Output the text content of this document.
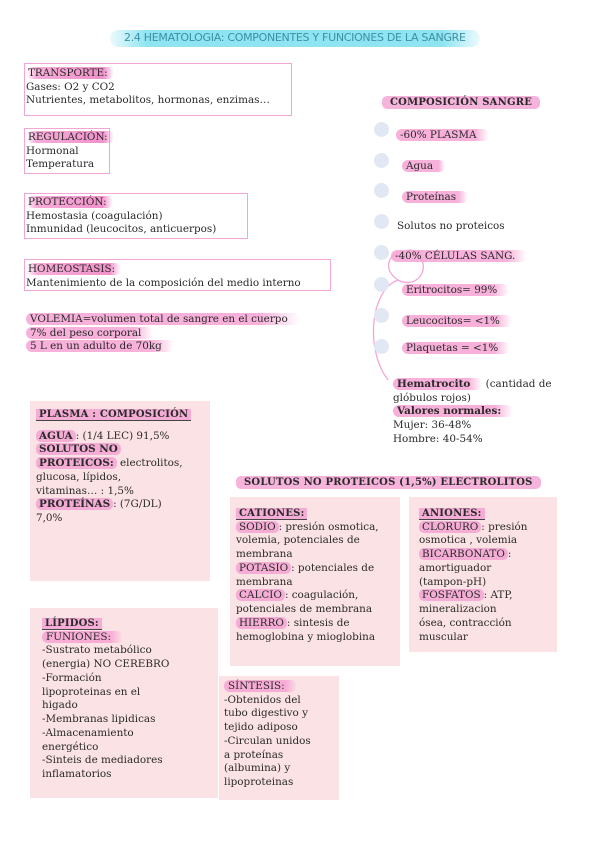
2.4 HEMATOLOGIA: COMPONENTES Y FUNCIONES DE LA SANGRE
TRANSPORTE:
Gases: O2 y CO2
Nutrientes, metabolitos, hormonas, enzimas…
REGULACIÓN:
Hormonal
Temperatura
PROTECCIÓN:
Hemostasia (coagulación)
Inmunidad (leucocitos, anticuerpos)
HOMEOSTASIS:
Mantenimiento de la composición del medio interno
VOLEMIA=volumen total de sangre en el cuerpo
7% del peso corporal
5 L en un adulto de 70kg
COMPOSICIÓN SANGRE
-60% PLASMA
Agua
Proteínas
Solutos no proteicos
-40% CÉLULAS SANG.
Eritrocitos= 99%
Leucocitos= <1%
Plaquetas = <1%
Hematrocito (cantidad de
glóbulos rojos)
Valores normales:
Mujer: 36-48%
Hombre: 40-54%
PLASMA : COMPOSICIÓN
AGUA : (1/4 LEC) 91,5%
SOLUTOS NO
PROTEICOS: electrolitos,
glucosa, lípidos,
vitaminas… : 1,5%
PROTEÍNAS : (7G/DL)
7,0%
SOLUTOS NO PROTEICOS (1,5%) ELECTROLITOS
CATIONES:
SODIO : presión osmotica,
volemia, potenciales de
membrana
POTASIO : potenciales de
membrana
CALCIO : coagulación,
potenciales de membrana
HIERRO : sintesis de
hemoglobina y mioglobina
ANIONES:
CLORURO : presión
osmotica , volemia
BICARBONATO :
amortiguador
(tampon-pH)
FOSFATOS : ATP,
mineralizacion
ósea, contracción
muscular
LÍPIDOS:
FUNIONES:
-Sustrato metabólico
(energia) NO CEREBRO
-Formación
lipoproteinas en el
higado
-Membranas lipidicas
-Almacenamiento
energético
-Sinteis de mediadores
inflamatorios
SÍNTESIS:
-Obtenidos del
tubo digestivo y
tejido adiposo
-Circulan unidos
a proteínas
(albumina) y
lipoproteinas
